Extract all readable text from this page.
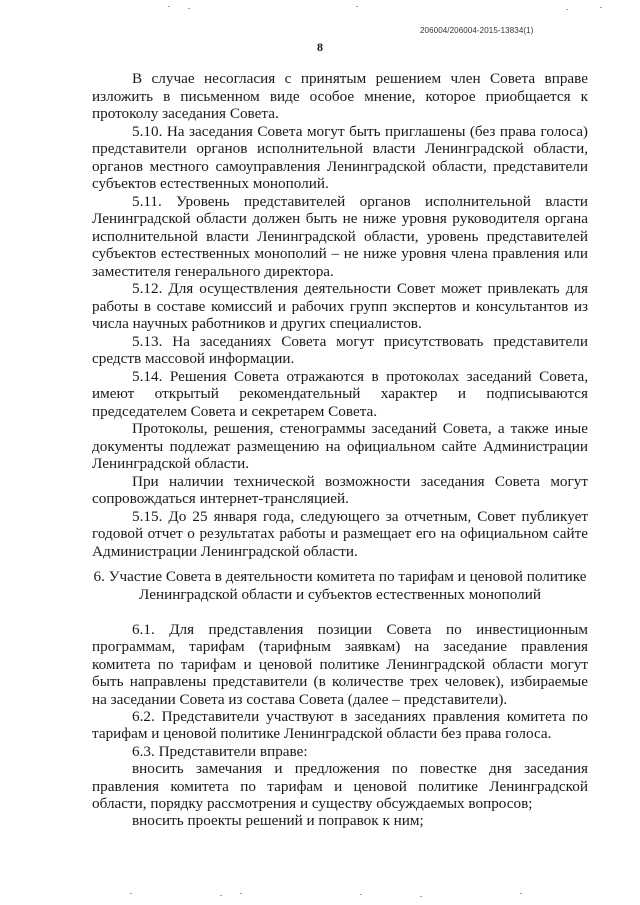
206004/206004-2015-13834(1)
8

В случае несогласия с принятым решением член Совета вправе изложить в письменном виде особое мнение, которое приобщается к протоколу заседания Совета.

5.10. На заседания Совета могут быть приглашены (без права голоса) представители органов исполнительной власти Ленинградской области, органов местного самоуправления Ленинградской области, представители субъектов естественных монополий.

5.11. Уровень представителей органов исполнительной власти Ленинградской области должен быть не ниже уровня руководителя органа исполнительной власти Ленинградской области, уровень представителей субъектов естественных монополий – не ниже уровня члена правления или заместителя генерального директора.

5.12. Для осуществления деятельности Совет может привлекать для работы в составе комиссий и рабочих групп экспертов и консультантов из числа научных работников и других специалистов.

5.13. На заседаниях Совета могут присутствовать представители средств массовой информации.

5.14. Решения Совета отражаются в протоколах заседаний Совета, имеют открытый рекомендательный характер и подписываются председателем Совета и секретарем Совета.

Протоколы, решения, стенограммы заседаний Совета, а также иные документы подлежат размещению на официальном сайте Администрации Ленинградской области.

При наличии технической возможности заседания Совета могут сопровождаться интернет-трансляцией.

5.15. До 25 января года, следующего за отчетным, Совет публикует годовой отчет о результатах работы и размещает его на официальном сайте Администрации Ленинградской области.

6. Участие Совета в деятельности комитета по тарифам и ценовой политике Ленинградской области и субъектов естественных монополий

6.1. Для представления позиции Совета по инвестиционным программам, тарифам (тарифным заявкам) на заседание правления комитета по тарифам и ценовой политике Ленинградской области могут быть направлены представители (в количестве трех человек), избираемые на заседании Совета из состава Совета (далее – представители).

6.2. Представители участвуют в заседаниях правления комитета по тарифам и ценовой политике Ленинградской области без права голоса.

6.3. Представители вправе:

вносить замечания и предложения по повестке дня заседания правления комитета по тарифам и ценовой политике Ленинградской области, порядку рассмотрения и существу обсуждаемых вопросов;

вносить проекты решений и поправок к ним;
